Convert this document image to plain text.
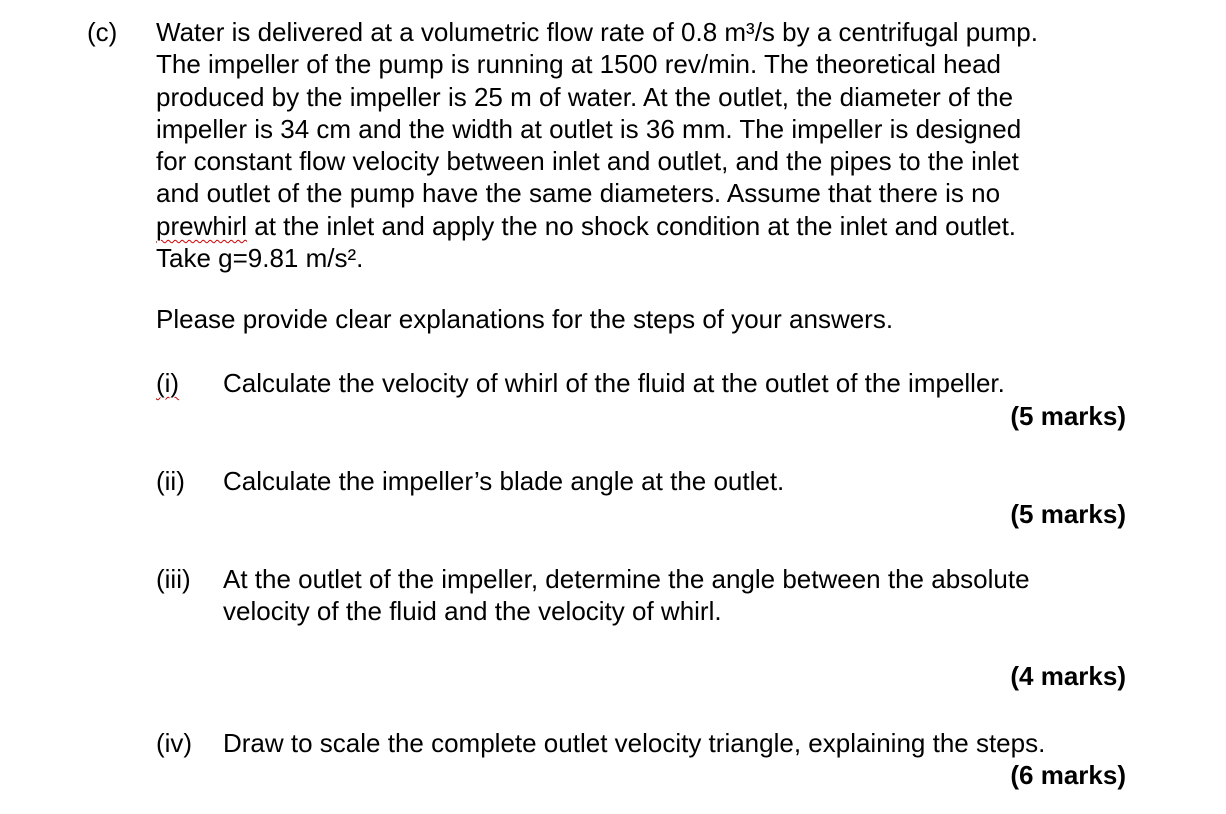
(c) Water is delivered at a volumetric flow rate of 0.8 m³/s by a centrifugal pump.
The impeller of the pump is running at 1500 rev/min. The theoretical head
produced by the impeller is 25 m of water. At the outlet, the diameter of the
impeller is 34 cm and the width at outlet is 36 mm. The impeller is designed
for constant flow velocity between inlet and outlet, and the pipes to the inlet
and outlet of the pump have the same diameters. Assume that there is no
prewhirl at the inlet and apply the no shock condition at the inlet and outlet.
Take g=9.81 m/s².
Please provide clear explanations for the steps of your answers.
(i) Calculate the velocity of whirl of the fluid at the outlet of the impeller.
(5 marks)
(ii) Calculate the impeller’s blade angle at the outlet.
(5 marks)
(iii) At the outlet of the impeller, determine the angle between the absolute
velocity of the fluid and the velocity of whirl.
(4 marks)
(iv) Draw to scale the complete outlet velocity triangle, explaining the steps.
(6 marks)
